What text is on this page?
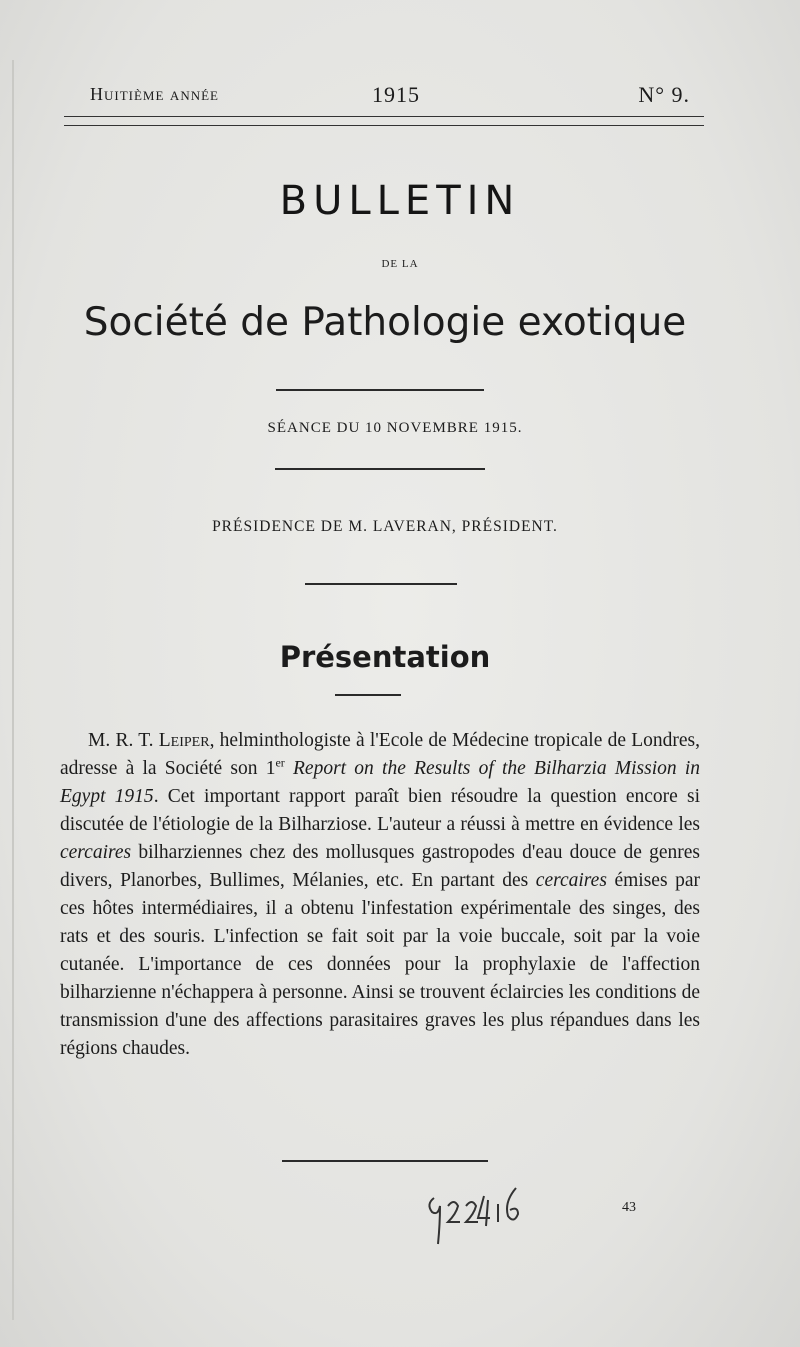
Huitième année	1915	N° 9.
BULLETIN
DE LA
Société de Pathologie exotique
SÉANCE DU 10 NOVEMBRE 1915.
PRÉSIDENCE DE M. LAVERAN, PRÉSIDENT.
Présentation

M. R. T. Leiper, helminthologiste à l'Ecole de Médecine tropicale de Londres, adresse à la Société son 1er Report on the Results of the Bilharzia Mission in Egypt 1915. Cet important rapport paraît bien résoudre la question encore si discutée de l'étiologie de la Bilharziose. L'auteur a réussi à mettre en évidence les cercaires bilharziennes chez des mollusques gastropodes d'eau douce de genres divers, Planorbes, Bullimes, Mélanies, etc. En partant des cercaires émises par ces hôtes intermédiaires, il a obtenu l'infestation expérimentale des singes, des rats et des souris. L'infection se fait soit par la voie buccale, soit par la voie cutanée. L'importance de ces données pour la prophylaxie de l'affection bilharzienne n'échappera à personne. Ainsi se trouvent éclaircies les conditions de transmission d'une des affections parasitaires graves les plus répandues dans les régions chaudes.

43
